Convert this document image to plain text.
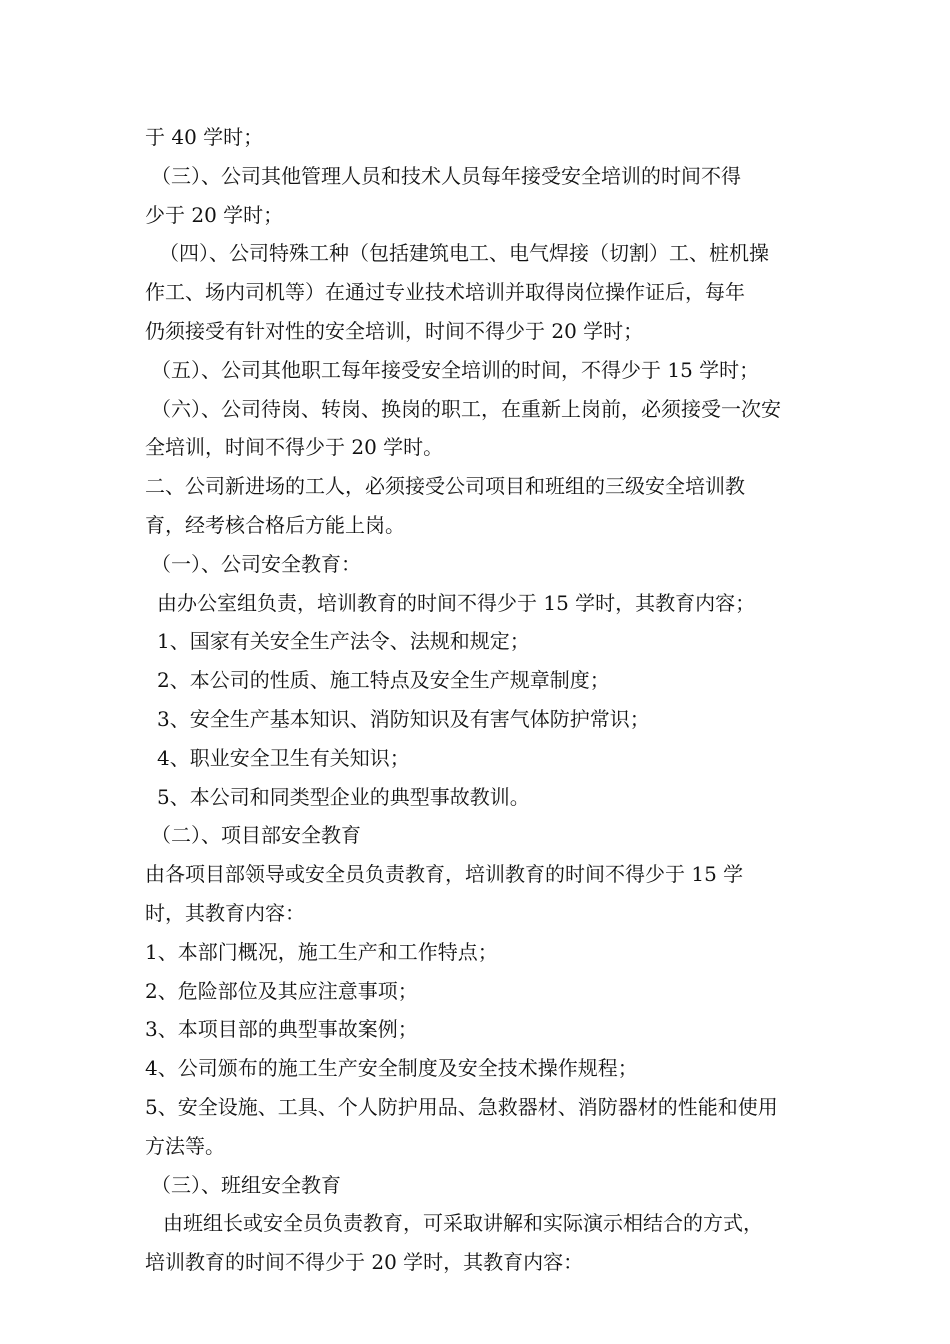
于 40 学时；
（三）、公司其他管理人员和技术人员每年接受安全培训的时间不得
少于 20 学时；
（四）、公司特殊工种（包括建筑电工、电气焊接（切割）工、桩机操
作工、场内司机等）在通过专业技术培训并取得岗位操作证后，每年
仍须接受有针对性的安全培训，时间不得少于 20 学时；
（五）、公司其他职工每年接受安全培训的时间，不得少于 15 学时；
（六）、公司待岗、转岗、换岗的职工，在重新上岗前，必须接受一次安
全培训，时间不得少于 20 学时。
二、公司新进场的工人，必须接受公司项目和班组的三级安全培训教
育，经考核合格后方能上岗。
（一）、公司安全教育：
由办公室组负责，培训教育的时间不得少于 15 学时，其教育内容；
1、国家有关安全生产法令、法规和规定；
2、本公司的性质、施工特点及安全生产规章制度；
3、安全生产基本知识、消防知识及有害气体防护常识；
4、职业安全卫生有关知识；
5、本公司和同类型企业的典型事故教训。
（二）、项目部安全教育
由各项目部领导或安全员负责教育，培训教育的时间不得少于 15 学
时，其教育内容：
1、本部门概况，施工生产和工作特点；
2、危险部位及其应注意事项；
3、本项目部的典型事故案例；
4、公司颁布的施工生产安全制度及安全技术操作规程；
5、安全设施、工具、个人防护用品、急救器材、消防器材的性能和使用
方法等。
（三）、班组安全教育
由班组长或安全员负责教育，可采取讲解和实际演示相结合的方式，
培训教育的时间不得少于 20 学时，其教育内容：
